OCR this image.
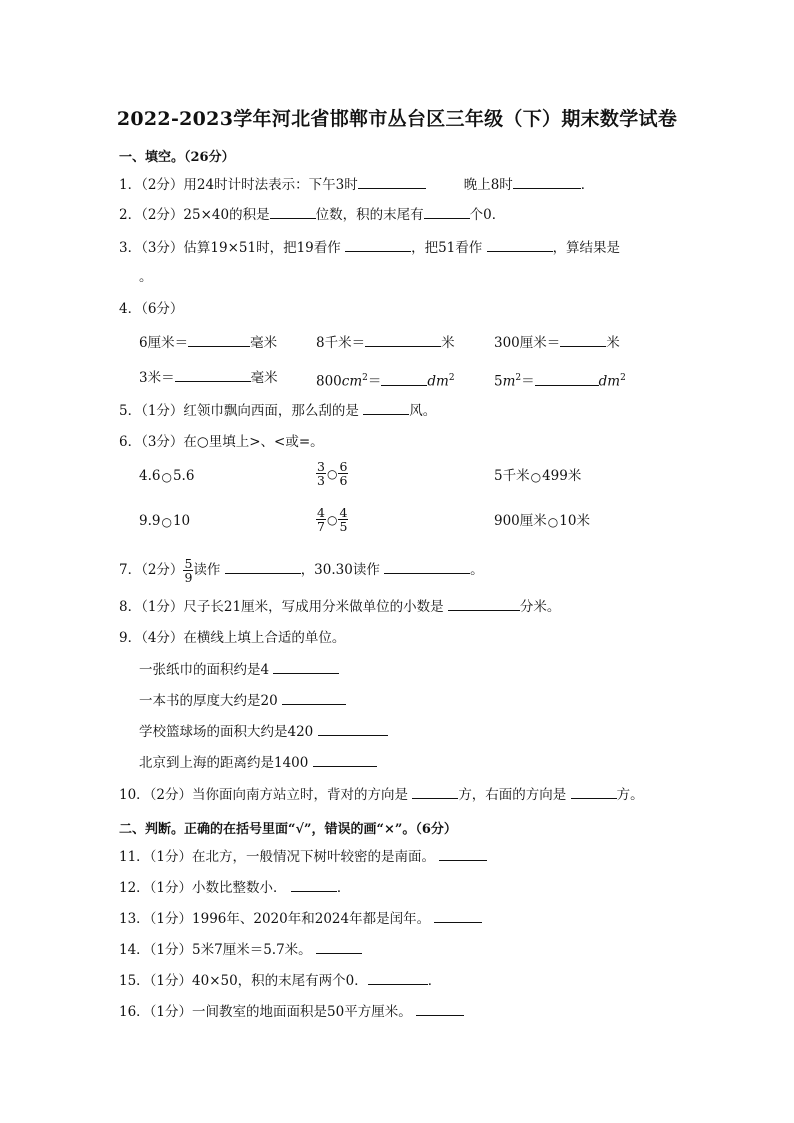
2022-2023学年河北省邯郸市丛台区三年级（下）期末数学试卷
一、填空。（26分）
1．（2分）用24时计时法表示：下午3时	晚上8时	．
2．（2分）25×40的积是	位数，积的末尾有	个0．
3．（3分）估算19×51时，把19看作	，把51看作	，算结果是
。
4．（6分）
6厘米＝	毫米	8千米＝	米	300厘米＝	米
3米＝	毫米	$800cm^2=$	$dm^2$	$5m^2=$	$dm^2$
5．（1分）红领巾飘向西面，那么刮的是	风。
6．（3分）在○里填上>、<或=。
4.6○5.6	$\frac{3}{3}$ ○ $\frac{6}{6}$	5千米○499米
9.9○10	$\frac{4}{7}$ ○ $\frac{4}{5}$	900厘米○10米
7．（2分） $\frac{5}{9}$ 读作	，30.30读作	。
8．（1分）尺子长21厘米，写成用分米做单位的小数是	分米。
9．（4分）在横线上填上合适的单位。
一张纸巾的面积约是4
一本书的厚度大约是20
学校篮球场的面积大约是420
北京到上海的距离约是1400
10．（2分）当你面向南方站立时，背对的方向是	方，右面的方向是	方。
二、判断。正确的在括号里面“√”，错误的画“×”。（6分）
11．（1分）在北方，一般情况下树叶较密的是南面。
12．（1分）小数比整数小．	．
13．（1分）1996年、2020年和2024年都是闰年。
14．（1分）5米7厘米＝5.7米。
15．（1分）40×50，积的末尾有两个0．	．
16．（1分）一间教室的地面面积是50平方厘米。
